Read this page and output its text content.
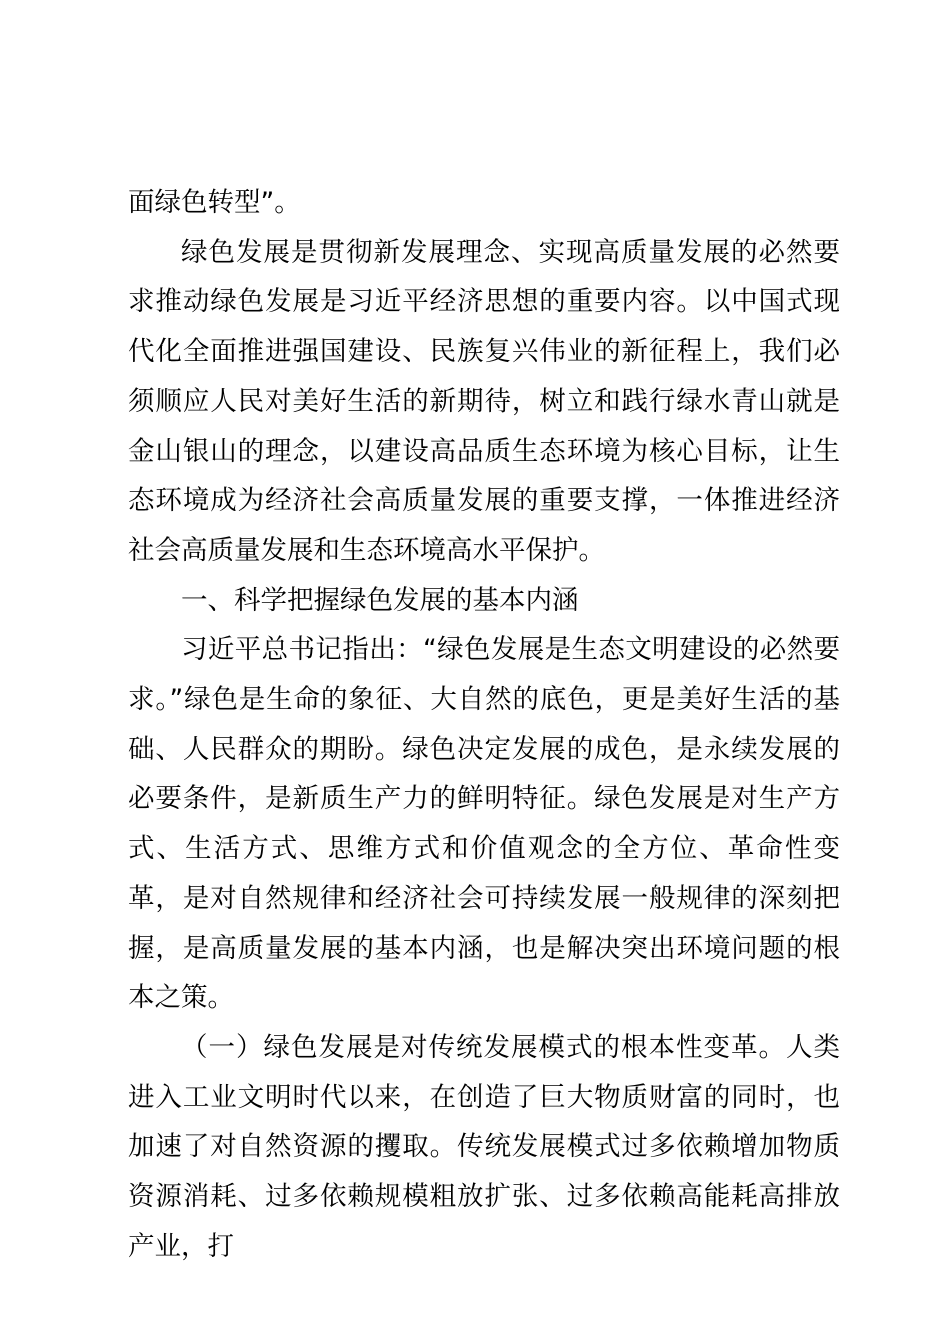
面绿色转型”。

绿色发展是贯彻新发展理念、实现高质量发展的必然要求推动绿色发展是习近平经济思想的重要内容。以中国式现代化全面推进强国建设、民族复兴伟业的新征程上，我们必须顺应人民对美好生活的新期待，树立和践行绿水青山就是金山银山的理念，以建设高品质生态环境为核心目标，让生态环境成为经济社会高质量发展的重要支撑，一体推进经济社会高质量发展和生态环境高水平保护。

一、科学把握绿色发展的基本内涵

习近平总书记指出：“绿色发展是生态文明建设的必然要求。”绿色是生命的象征、大自然的底色，更是美好生活的基础、人民群众的期盼。绿色决定发展的成色，是永续发展的必要条件，是新质生产力的鲜明特征。绿色发展是对生产方式、生活方式、思维方式和价值观念的全方位、革命性变革，是对自然规律和经济社会可持续发展一般规律的深刻把握，是高质量发展的基本内涵，也是解决突出环境问题的根本之策。

（一）绿色发展是对传统发展模式的根本性变革。人类进入工业文明时代以来，在创造了巨大物质财富的同时，也加速了对自然资源的攫取。传统发展模式过多依赖增加物质资源消耗、过多依赖规模粗放扩张、过多依赖高能耗高排放产业，打
